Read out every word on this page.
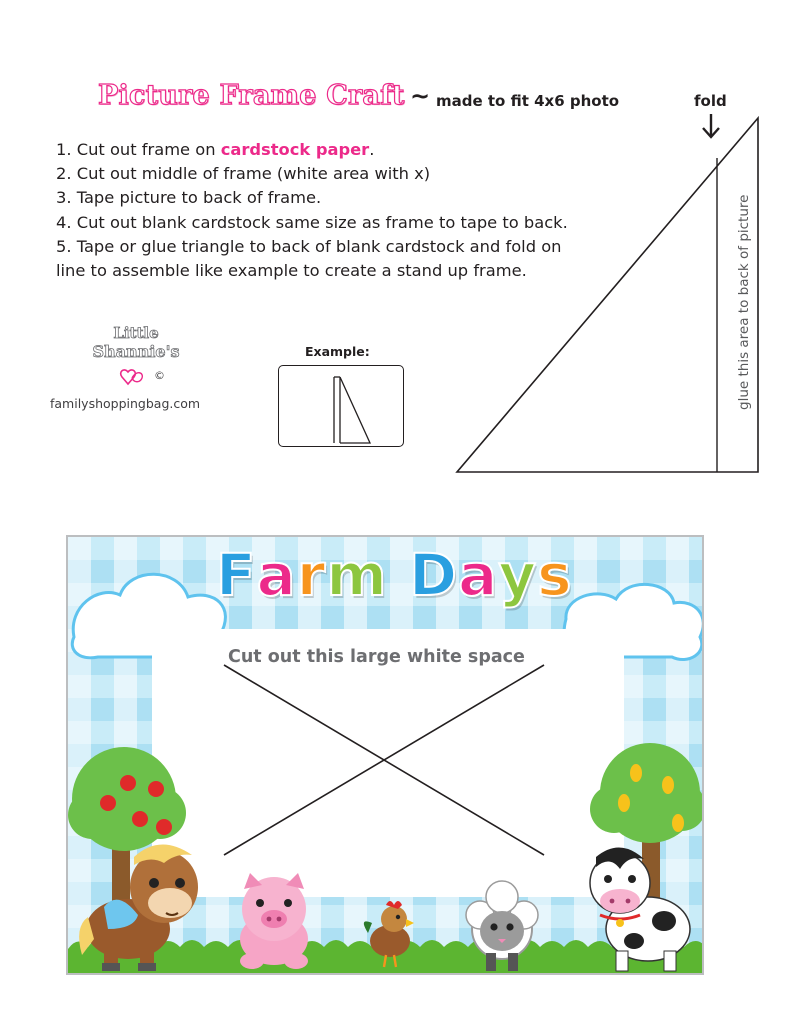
Picture Frame Craft ~ made to fit 4x6 photo
1. Cut out frame on cardstock paper.
2. Cut out middle of frame (white area with x)
3. Tape picture to back of frame.
4. Cut out blank cardstock same size as frame to tape to back.
5. Tape or glue triangle to back of blank cardstock and fold on
line to assemble like example to create a stand up frame.
Little
Shannie's
©
familyshoppingbag.com
Example:
fold
glue this area to back of picture
Farm Days
Cut out this large white space
